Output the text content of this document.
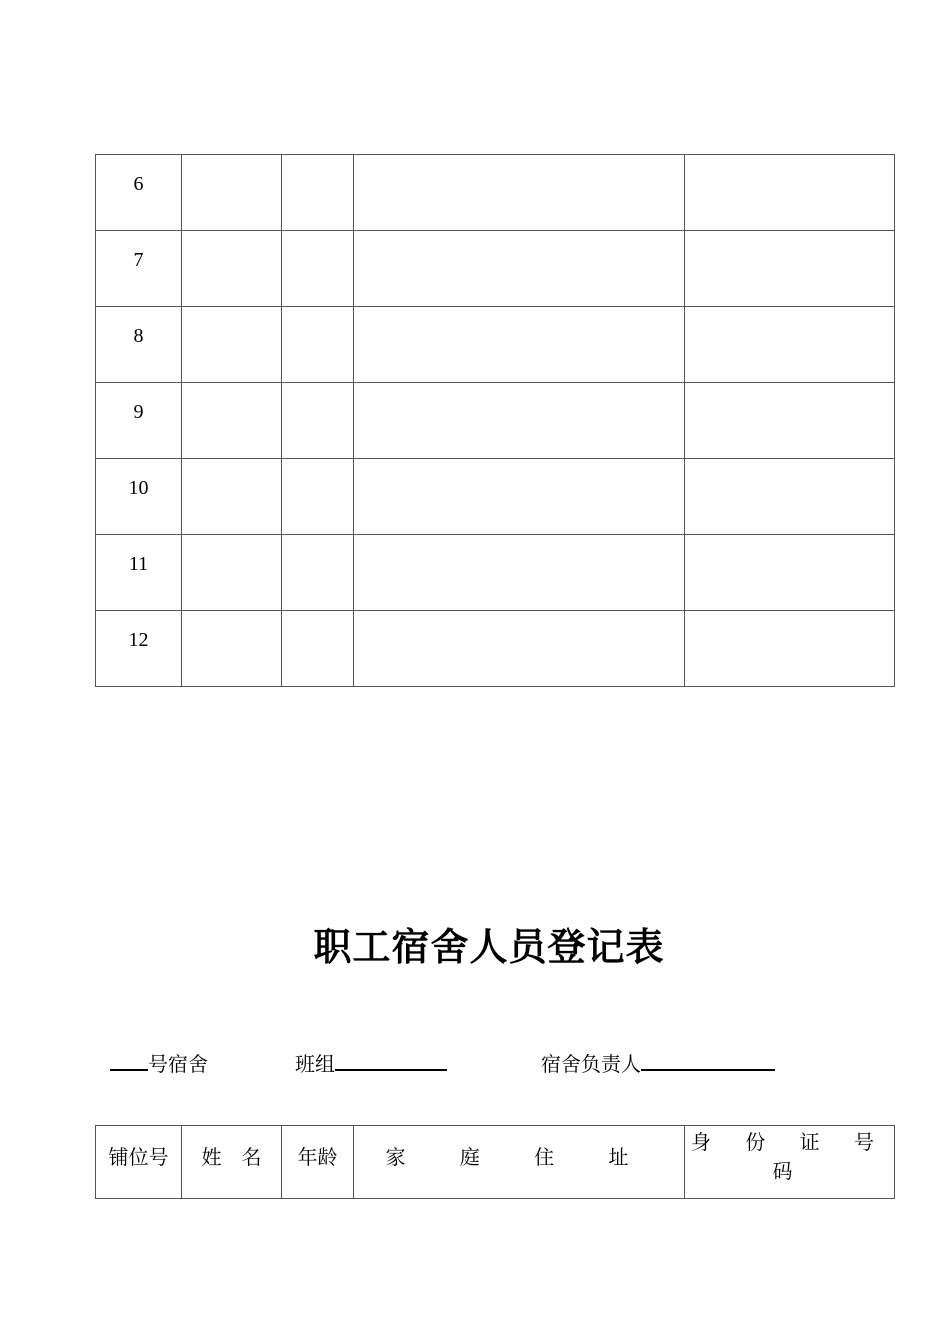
6				
7				
8				
9				
10				
11				
12				
职工宿舍人员登记表
号宿舍	班组	宿舍负责人
铺位号	姓　名	年龄	家 庭 住 址	身 份 证 号 码
